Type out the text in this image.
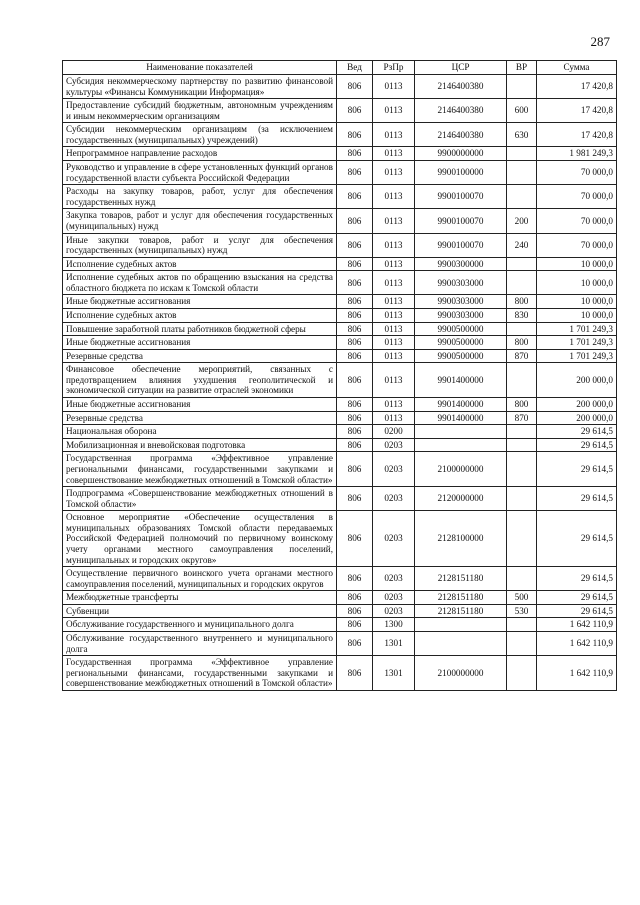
287
Наименование показателей	Вед	РзПр	ЦСР	ВР	Сумма
Субсидия некоммерческому партнерству по развитию финансовой культуры «Финансы Коммуникации Информация»	806	0113	2146400380		17 420,8
Предоставление субсидий бюджетным, автономным учреждениям и иным некоммерческим организациям	806	0113	2146400380	600	17 420,8
Субсидии некоммерческим организациям (за исключением государственных (муниципальных) учреждений)	806	0113	2146400380	630	17 420,8
Непрограммное направление расходов	806	0113	9900000000		1 981 249,3
Руководство и управление в сфере установленных функций органов государственной власти субъекта Российской Федерации	806	0113	9900100000		70 000,0
Расходы на закупку товаров, работ, услуг для обеспечения государственных нужд	806	0113	9900100070		70 000,0
Закупка товаров, работ и услуг для обеспечения государственных (муниципальных) нужд	806	0113	9900100070	200	70 000,0
Иные закупки товаров, работ и услуг для обеспечения государственных (муниципальных) нужд	806	0113	9900100070	240	70 000,0
Исполнение судебных актов	806	0113	9900300000		10 000,0
Исполнение судебных актов по обращению взыскания на средства областного бюджета по искам к Томской области	806	0113	9900303000		10 000,0
Иные бюджетные ассигнования	806	0113	9900303000	800	10 000,0
Исполнение судебных актов	806	0113	9900303000	830	10 000,0
Повышение заработной платы работников бюджетной сферы	806	0113	9900500000		1 701 249,3
Иные бюджетные ассигнования	806	0113	9900500000	800	1 701 249,3
Резервные средства	806	0113	9900500000	870	1 701 249,3
Финансовое обеспечение мероприятий, связанных с предотвращением влияния ухудшения геополитической и экономической ситуации на развитие отраслей экономики	806	0113	9901400000		200 000,0
Иные бюджетные ассигнования	806	0113	9901400000	800	200 000,0
Резервные средства	806	0113	9901400000	870	200 000,0
Национальная оборона	806	0200			29 614,5
Мобилизационная и вневойсковая подготовка	806	0203			29 614,5
Государственная программа «Эффективное управление региональными финансами, государственными закупками и совершенствование межбюджетных отношений в Томской области»	806	0203	2100000000		29 614,5
Подпрограмма «Совершенствование межбюджетных отношений в Томской области»	806	0203	2120000000		29 614,5
Основное мероприятие «Обеспечение осуществления в муниципальных образованиях Томской области передаваемых Российской Федерацией полномочий по первичному воинскому учету органами местного самоуправления поселений, муниципальных и городских округов»	806	0203	2128100000		29 614,5
Осуществление первичного воинского учета органами местного самоуправления поселений, муниципальных и городских округов	806	0203	2128151180		29 614,5
Межбюджетные трансферты	806	0203	2128151180	500	29 614,5
Субвенции	806	0203	2128151180	530	29 614,5
Обслуживание государственного и муниципального долга	806	1300			1 642 110,9
Обслуживание государственного внутреннего и муниципального долга	806	1301			1 642 110,9
Государственная программа «Эффективное управление региональными финансами, государственными закупками и совершенствование межбюджетных отношений в Томской области»	806	1301	2100000000		1 642 110,9
